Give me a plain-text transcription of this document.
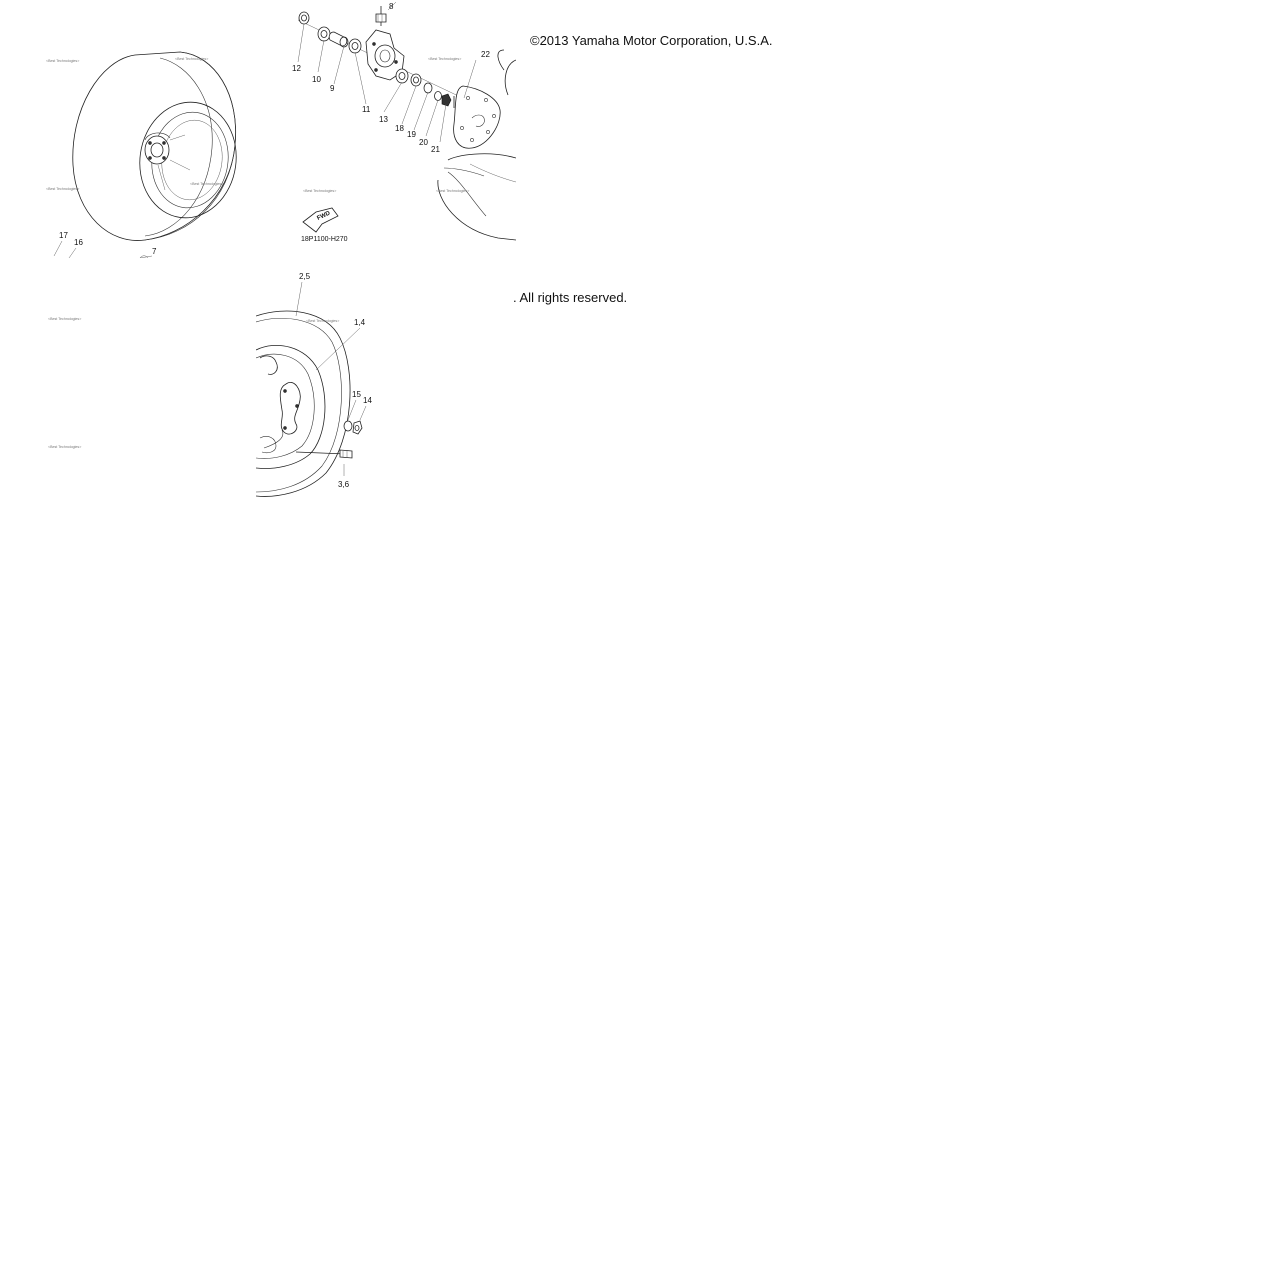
<Best Technologies>	<Best Technologies>
<Best Technologies>
<Best Technologies>
17
16
7
FWD
18P1100-H270
<Best Technologies>
<Best Technologies>
<Best Technologies>
8
12
10
9
11
13
18
19
20
21
22
<Best Technologies>
<Best Technologies>
<Best Technologies>
2,5
1,4
15
14
3,6
©2013 Yamaha Motor Corporation, U.S.A.
. All rights reserved.
